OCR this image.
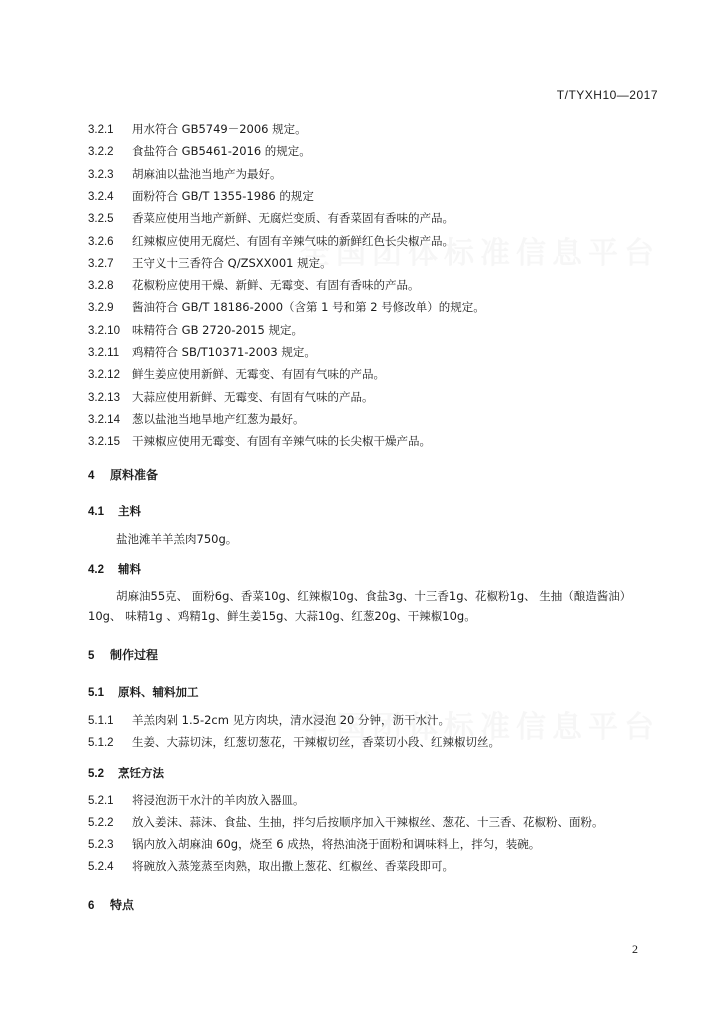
T/TYXH10—2017
3.2.1 用水符合 GB5749－2006 规定。
3.2.2 食盐符合 GB5461-2016 的规定。
3.2.3 胡麻油以盐池当地产为最好。
3.2.4 面粉符合 GB/T 1355-1986 的规定
3.2.5 香菜应使用当地产新鲜、无腐烂变质、有香菜固有香味的产品。
3.2.6 红辣椒应使用无腐烂、有固有辛辣气味的新鲜红色长尖椒产品。
3.2.7 王守义十三香符合 Q/ZSXX001 规定。
3.2.8 花椒粉应使用干燥、新鲜、无霉变、有固有香味的产品。
3.2.9 酱油符合 GB/T 18186-2000（含第 1 号和第 2 号修改单）的规定。
3.2.10 味精符合 GB 2720-2015 规定。
3.2.11 鸡精符合 SB/T10371-2003 规定。
3.2.12 鲜生姜应使用新鲜、无霉变、有固有气味的产品。
3.2.13 大蒜应使用新鲜、无霉变、有固有气味的产品。
3.2.14 葱以盐池当地旱地产红葱为最好。
3.2.15 干辣椒应使用无霉变、有固有辛辣气味的长尖椒干燥产品。
4 原料准备
4.1 主料
盐池滩羊羊羔肉750g。
4.2 辅料
胡麻油55克、 面粉6g、香菜10g、红辣椒10g、食盐3g、十三香1g、花椒粉1g、 生抽（酿造酱油）
10g、 味精1g 、鸡精1g、鲜生姜15g、大蒜10g、红葱20g、干辣椒10g。
5 制作过程
5.1 原料、辅料加工
5.1.1 羊羔肉剁 1.5-2cm 见方肉块，清水浸泡 20 分钟，沥干水汁。
5.1.2 生姜、大蒜切沫，红葱切葱花，干辣椒切丝，香菜切小段、红辣椒切丝。
5.2 烹饪方法
5.2.1 将浸泡沥干水汁的羊肉放入器皿。
5.2.2 放入姜沫、蒜沫、食盐、生抽，拌匀后按顺序加入干辣椒丝、葱花、十三香、花椒粉、面粉。
5.2.3 锅内放入胡麻油 60g，烧至 6 成热，将热油浇于面粉和调味料上，拌匀，装碗。
5.2.4 将碗放入蒸笼蒸至肉熟，取出撒上葱花、红椒丝、香菜段即可。
6 特点
2
